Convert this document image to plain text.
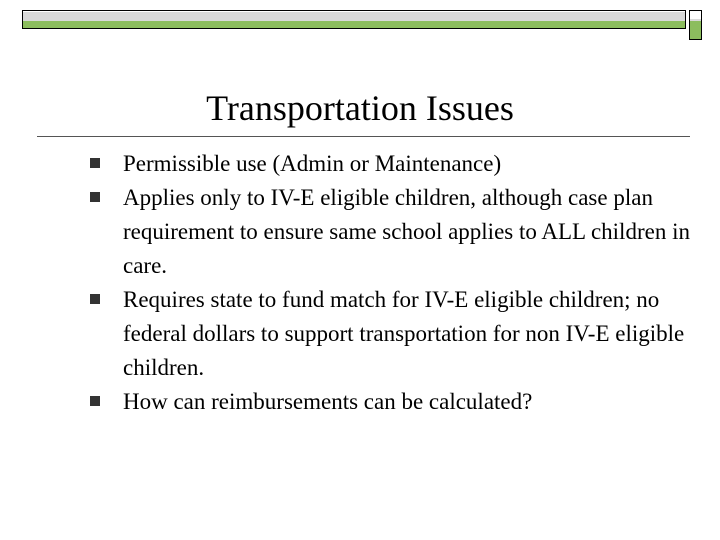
Transportation Issues
Permissible use (Admin or Maintenance)
Applies only to IV-E eligible children, although case plan requirement to ensure same school applies to ALL children in care.
Requires state to fund match for IV-E eligible children; no federal dollars to support transportation for non IV-E eligible children.
How can reimbursements can be calculated?
